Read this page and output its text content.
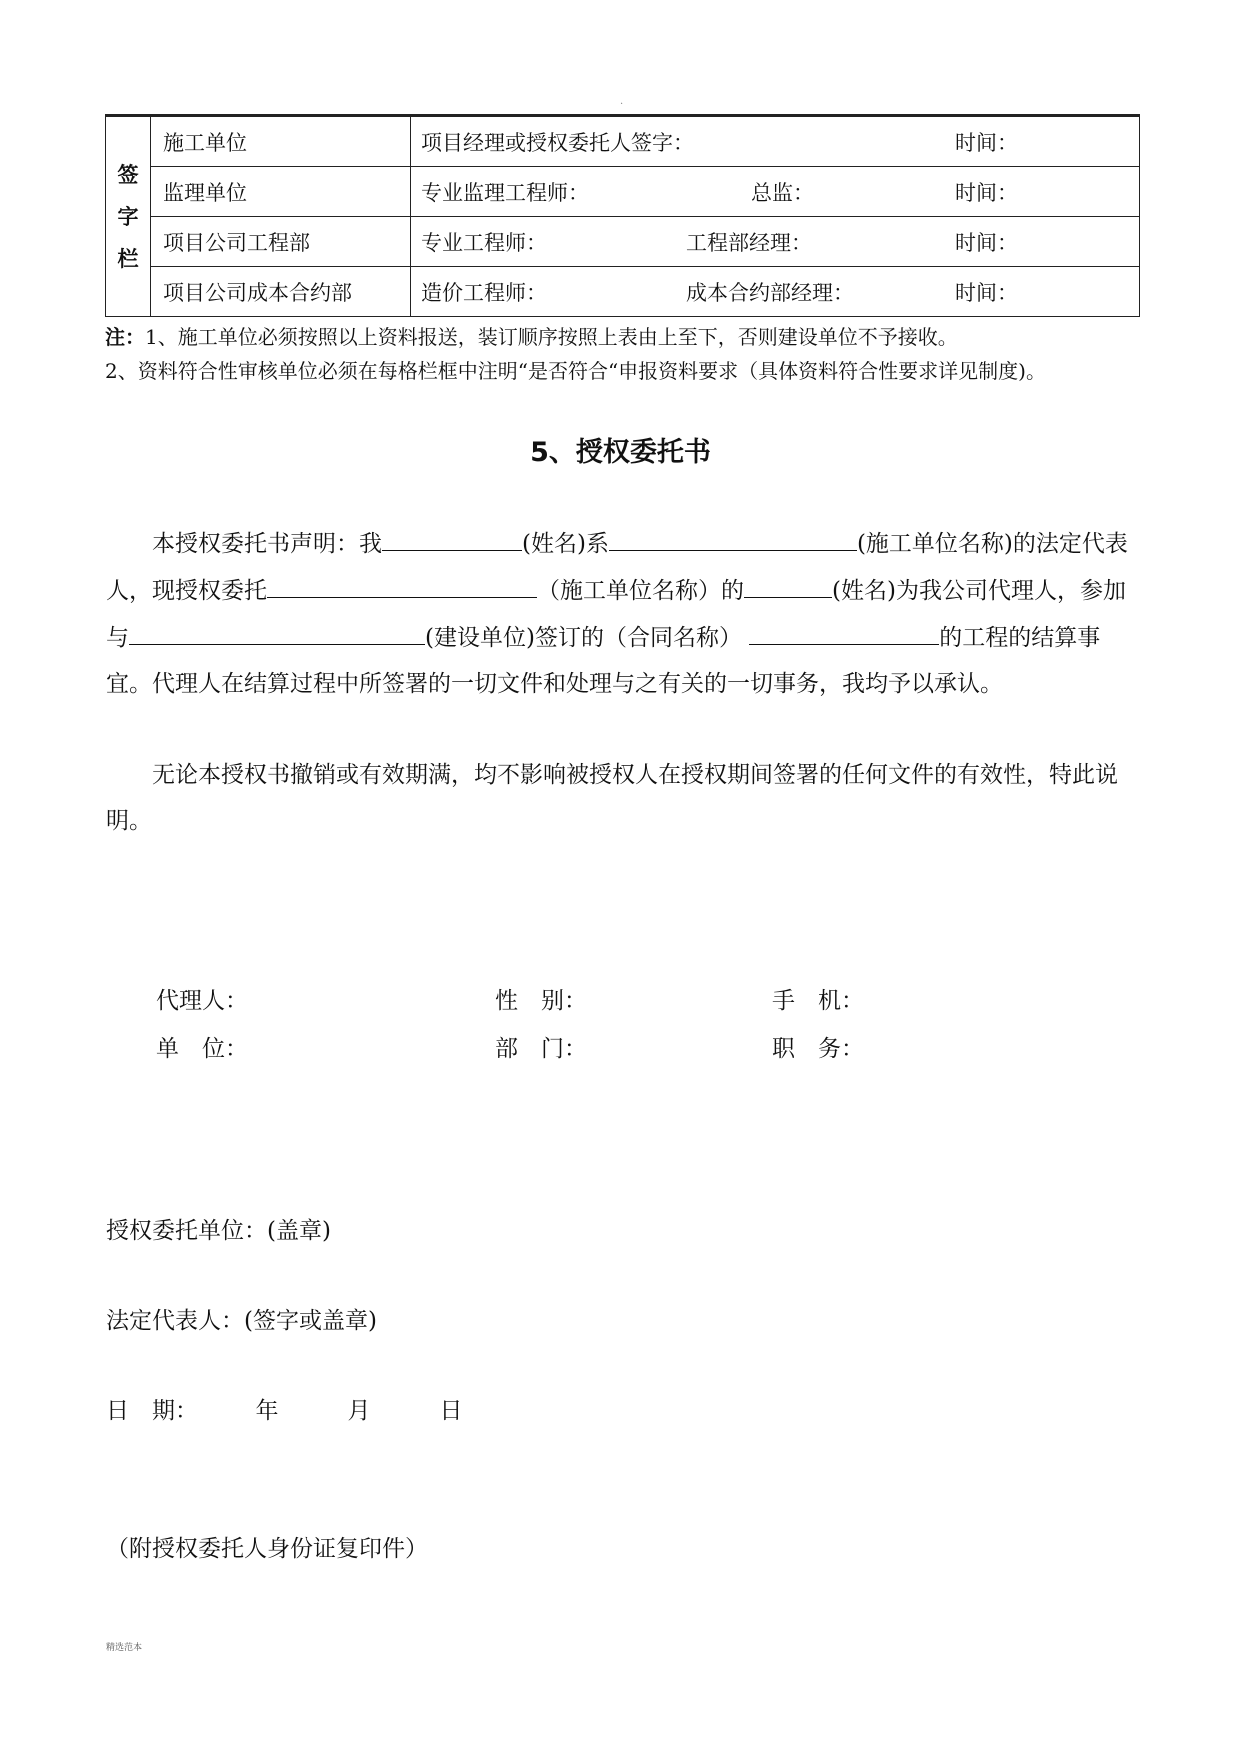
.
签
字
栏	施工单位	项目经理或授权委托人签字： 时间：

	监理单位	专业监理工程师： 总监： 时间：

	项目公司工程部	专业工程师： 工程部经理： 时间：

	项目公司成本合约部	造价工程师： 成本合约部经理： 时间：
注：1、施工单位必须按照以上资料报送，装订顺序按照上表由上至下，否则建设单位不予接收。
2、资料符合性审核单位必须在每格栏框中注明“是否符合“申报资料要求（具体资料符合性要求详见制度)。
5、授权委托书
本授权委托书声明：我	(姓名)系	(施工单位名称)的法定代表人，现授权委托	（施工单位名称）的	(姓名)为我公司代理人，参加与	(建设单位)签订的（合同名称）	的工程的结算事宜。代理人在结算过程中所签署的一切文件和处理与之有关的一切事务，我均予以承认。
无论本授权书撤销或有效期满，均不影响被授权人在授权期间签署的任何文件的有效性，特此说明。
代理人：	性　别：	手　机：
单　位：	部　门：	职　务：
授权委托单位：(盖章)
法定代表人：(签字或盖章)
日　期：　　　年　　　月　　　日
（附授权委托人身份证复印件）
精选范本
